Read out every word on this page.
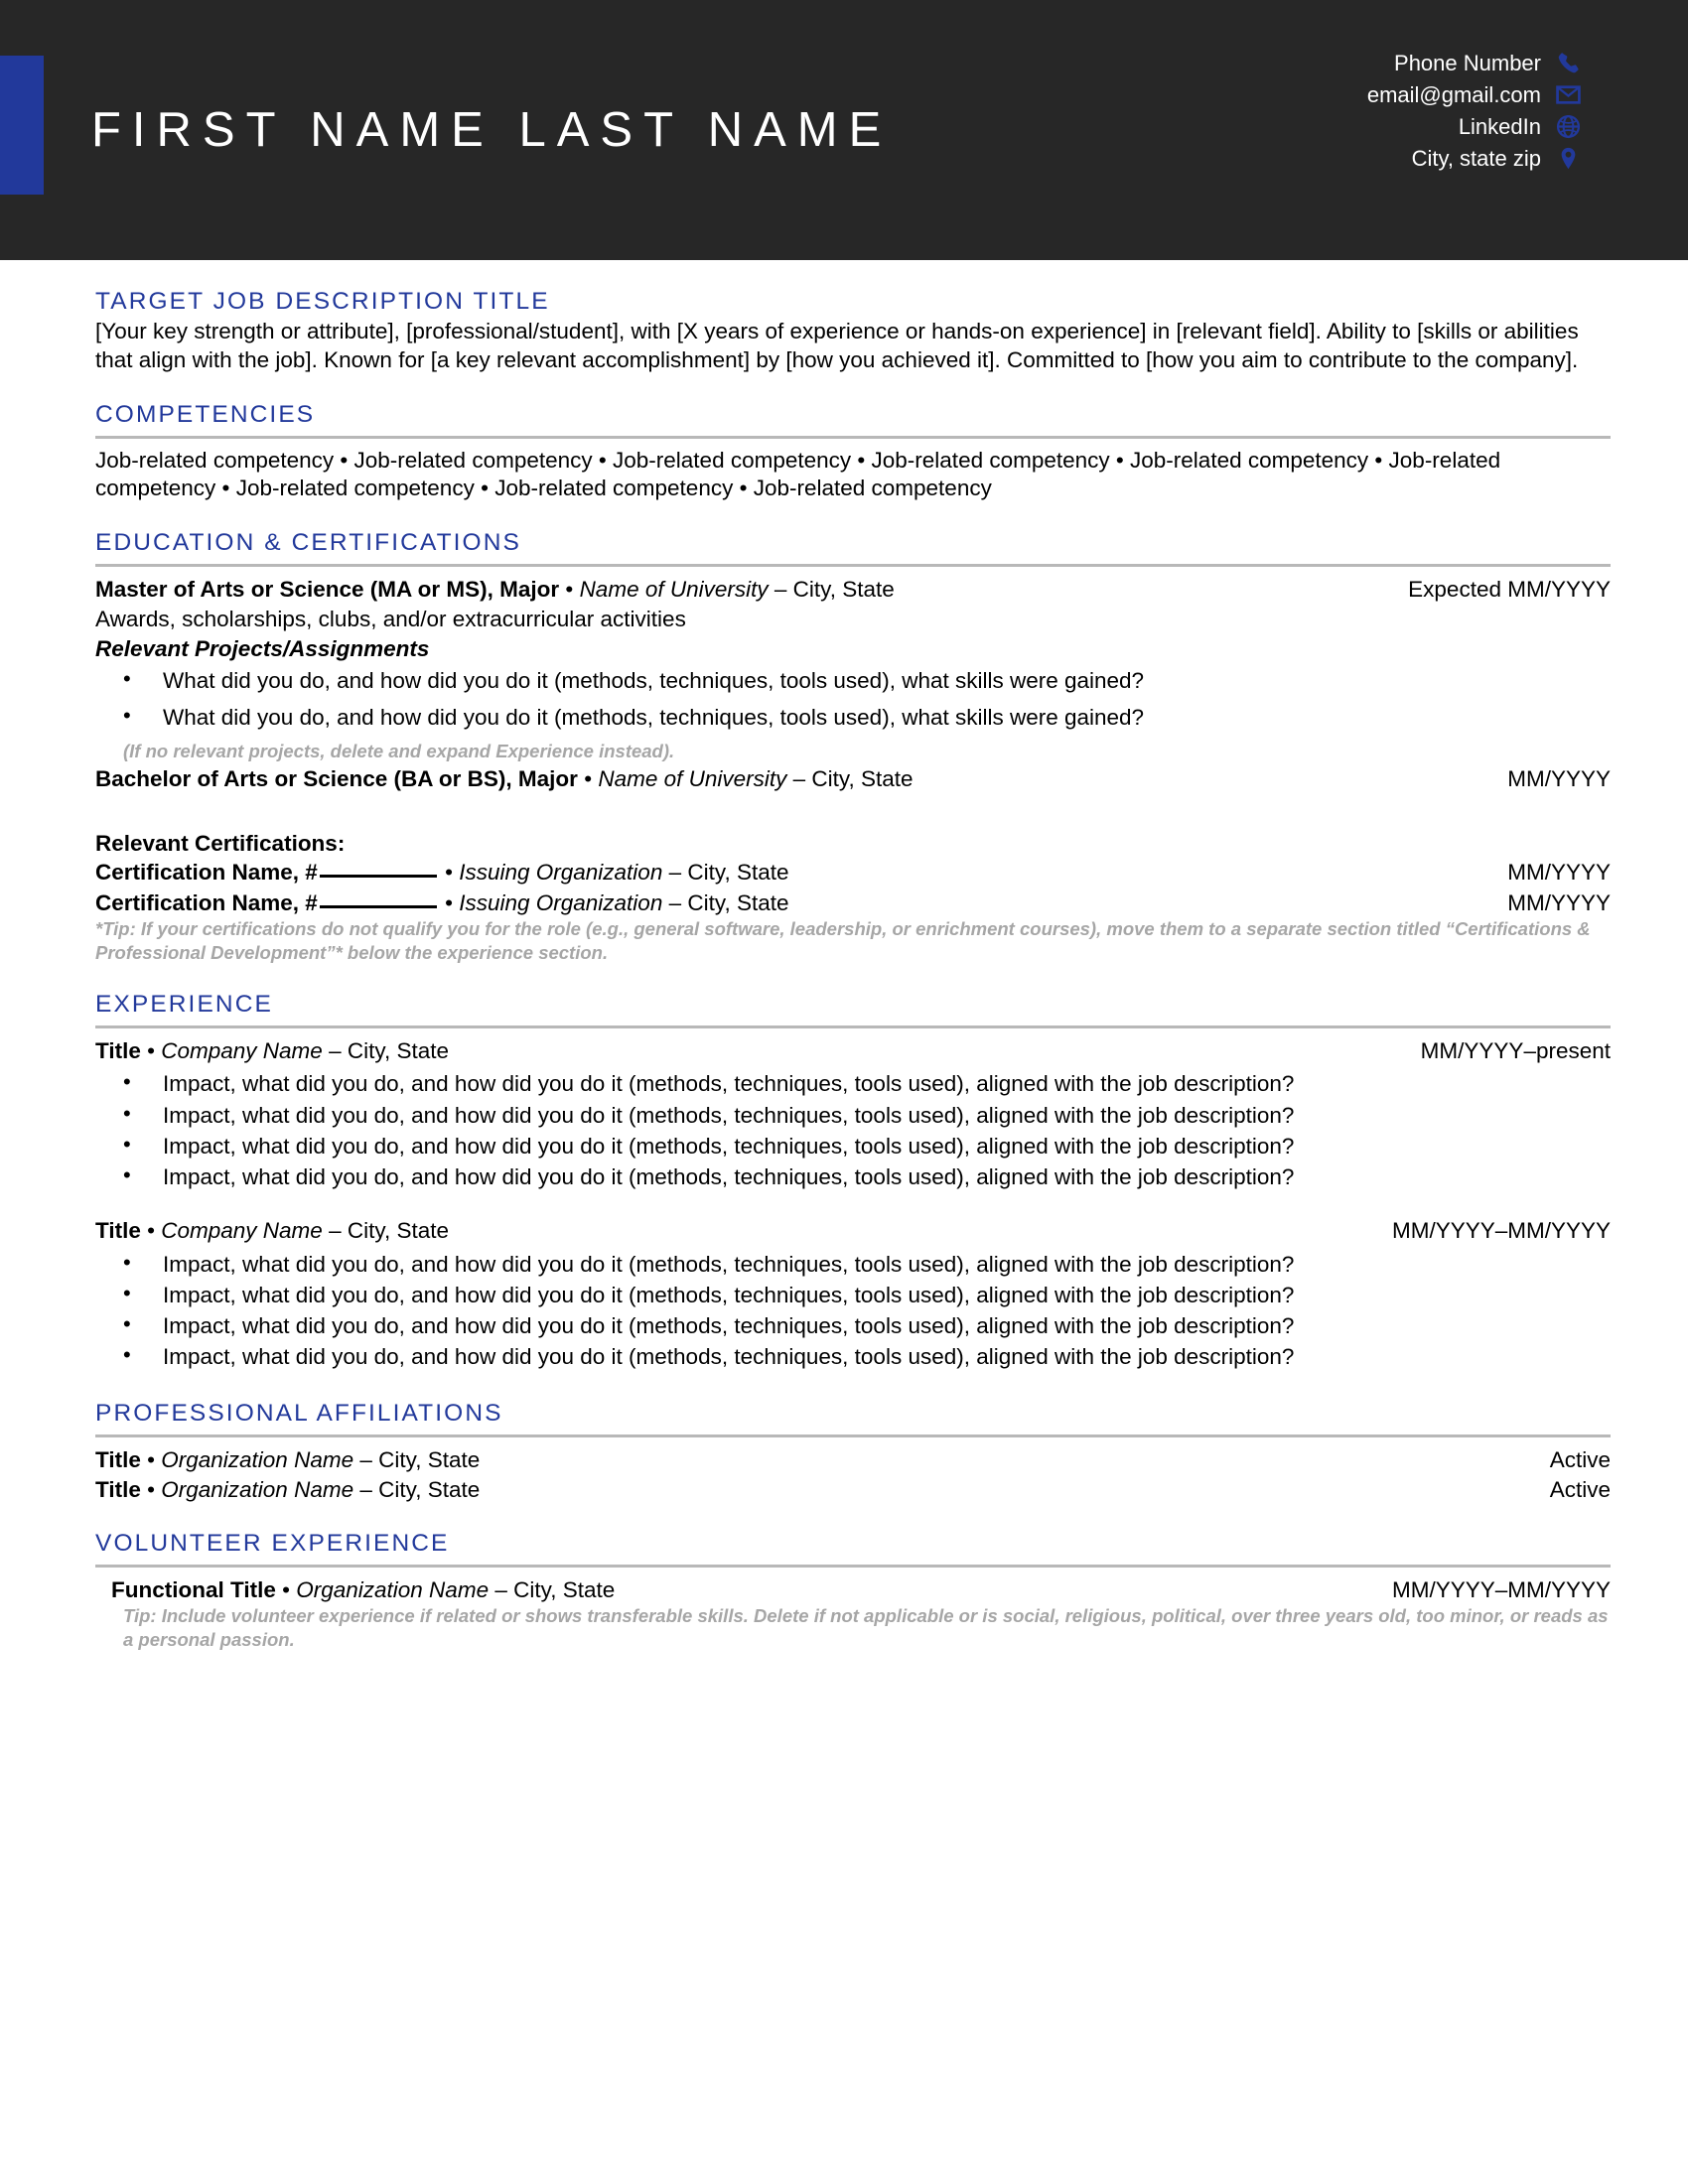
FIRST NAME LAST NAME
Phone Number
email@gmail.com
LinkedIn
City, state zip
TARGET JOB DESCRIPTION TITLE

[Your key strength or attribute], [professional/student], with [X years of experience or hands-on experience] in [relevant field]. Ability to [skills or abilities that align with the job]. Known for [a key relevant accomplishment] by [how you achieved it]. Committed to [how you aim to contribute to the company].

COMPETENCIES

Job-related competency • Job-related competency • Job-related competency • Job-related competency • Job-related competency • Job-related competency • Job-related competency • Job-related competency • Job-related competency

EDUCATION & CERTIFICATIONS
Master of Arts or Science (MA or MS), Major • Name of University – City, State	Expected MM/YYYY
Awards, scholarships, clubs, and/or extracurricular activities
Relevant Projects/Assignments
• What did you do, and how did you do it (methods, techniques, tools used), what skills were gained?
• What did you do, and how did you do it (methods, techniques, tools used), what skills were gained?
(If no relevant projects, delete and expand Experience instead).
Bachelor of Arts or Science (BA or BS), Major • Name of University – City, State	MM/YYYY
Relevant Certifications:
Certification Name, #	• Issuing Organization – City, State	MM/YYYY
Certification Name, #	• Issuing Organization – City, State	MM/YYYY
*Tip: If your certifications do not qualify you for the role (e.g., general software, leadership, or enrichment courses), move them to a separate section titled “Certifications & Professional Development”* below the experience section.
EXPERIENCE
Title • Company Name – City, State	MM/YYYY–present
• Impact, what did you do, and how did you do it (methods, techniques, tools used), aligned with the job description?
• Impact, what did you do, and how did you do it (methods, techniques, tools used), aligned with the job description?
• Impact, what did you do, and how did you do it (methods, techniques, tools used), aligned with the job description?
• Impact, what did you do, and how did you do it (methods, techniques, tools used), aligned with the job description?
Title • Company Name – City, State	MM/YYYY–MM/YYYY
• Impact, what did you do, and how did you do it (methods, techniques, tools used), aligned with the job description?
• Impact, what did you do, and how did you do it (methods, techniques, tools used), aligned with the job description?
• Impact, what did you do, and how did you do it (methods, techniques, tools used), aligned with the job description?
• Impact, what did you do, and how did you do it (methods, techniques, tools used), aligned with the job description?
PROFESSIONAL AFFILIATIONS
Title • Organization Name – City, State	Active
Title • Organization Name – City, State	Active
VOLUNTEER EXPERIENCE
Functional Title • Organization Name – City, State	MM/YYYY–MM/YYYY
Tip: Include volunteer experience if related or shows transferable skills. Delete if not applicable or is social, religious, political, over three years old, too minor, or reads as a personal passion.
